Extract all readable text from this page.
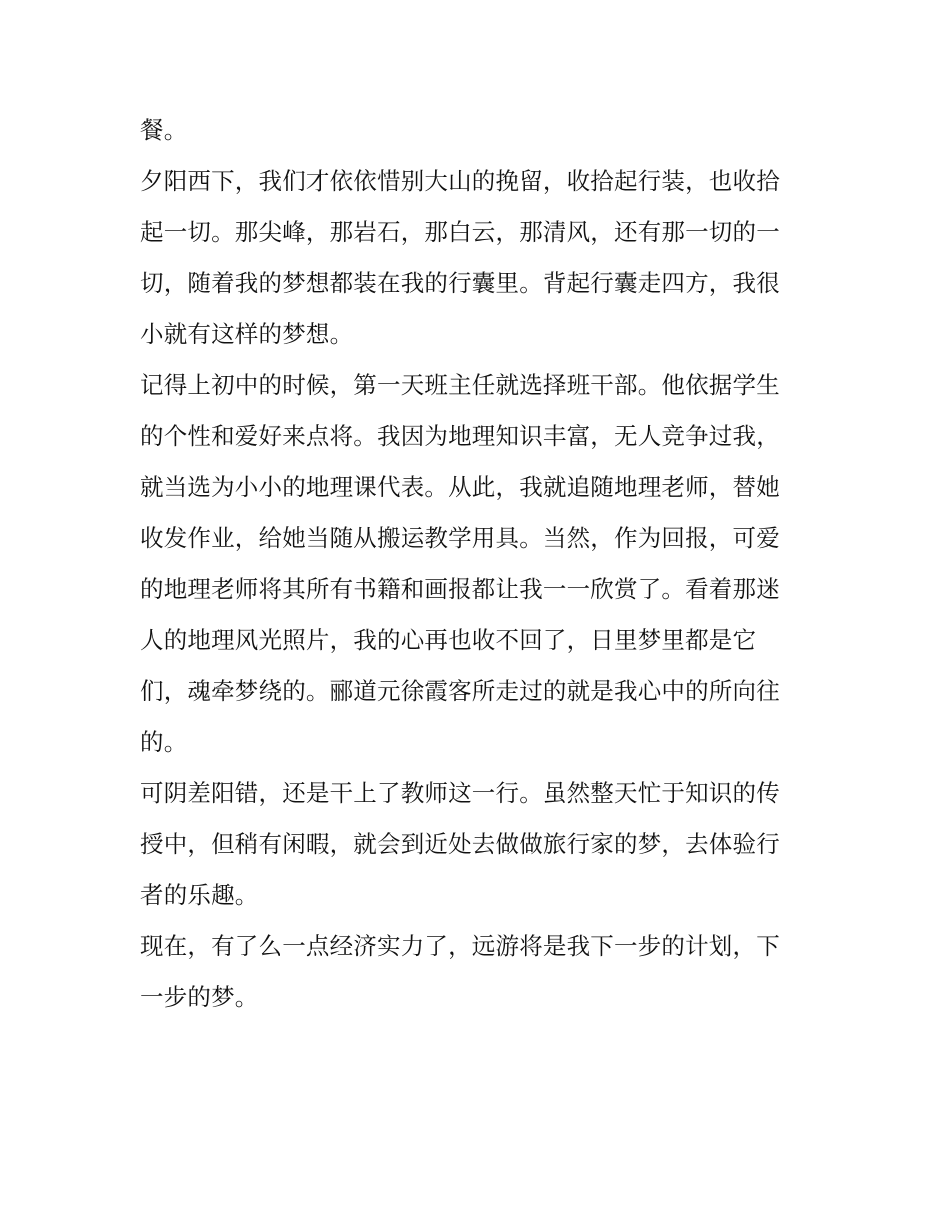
餐。
夕阳西下，我们才依依惜别大山的挽留，收拾起行装，也收拾
起一切。那尖峰，那岩石，那白云，那清风，还有那一切的一
切，随着我的梦想都装在我的行囊里。背起行囊走四方，我很
小就有这样的梦想。
记得上初中的时候，第一天班主任就选择班干部。他依据学生
的个性和爱好来点将。我因为地理知识丰富，无人竞争过我，
就当选为小小的地理课代表。从此，我就追随地理老师，替她
收发作业，给她当随从搬运教学用具。当然，作为回报，可爱
的地理老师将其所有书籍和画报都让我一一欣赏了。看着那迷
人的地理风光照片，我的心再也收不回了，日里梦里都是它
们，魂牵梦绕的。郦道元徐霞客所走过的就是我心中的所向往
的。
可阴差阳错，还是干上了教师这一行。虽然整天忙于知识的传
授中，但稍有闲暇，就会到近处去做做旅行家的梦，去体验行
者的乐趣。
现在，有了么一点经济实力了，远游将是我下一步的计划，下
一步的梦。
